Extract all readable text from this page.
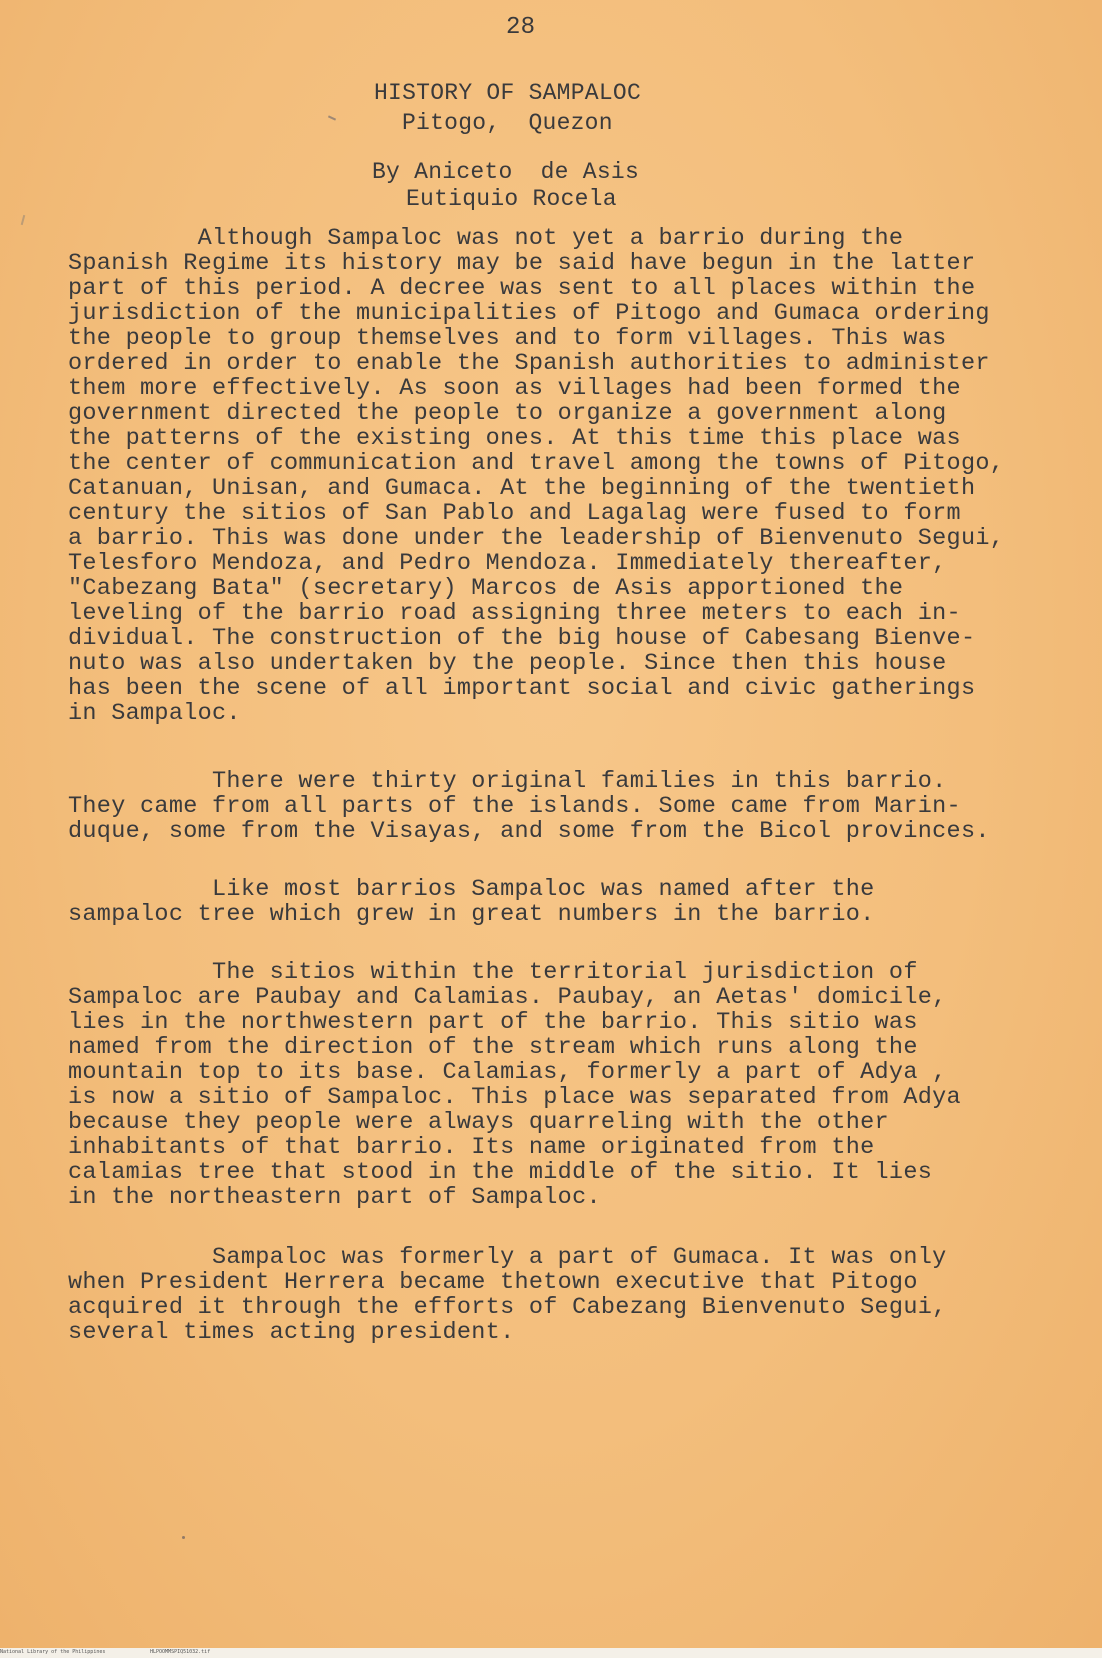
28
HISTORY OF SAMPALOC
Pitogo,  Quezon
By Aniceto  de Asis
Eutiquio Rocela
Although Sampaloc was not yet a barrio during the
Spanish Regime its history may be said have begun in the latter
part of this period. A decree was sent to all places within the
jurisdiction of the municipalities of Pitogo and Gumaca ordering
the people to group themselves and to form villages. This was
ordered in order to enable the Spanish authorities to administer
them more effectively. As soon as villages had been formed the
government directed the people to organize a government along
the patterns of the existing ones. At this time this place was
the center of communication and travel among the towns of Pitogo,
Catanuan, Unisan, and Gumaca. At the beginning of the twentieth
century the sitios of San Pablo and Lagalag were fused to form
a barrio. This was done under the leadership of Bienvenuto Segui,
Telesforo Mendoza, and Pedro Mendoza. Immediately thereafter,
"Cabezang Bata" (secretary) Marcos de Asis apportioned the
leveling of the barrio road assigning three meters to each in-
dividual. The construction of the big house of Cabesang Bienve-
nuto was also undertaken by the people. Since then this house
has been the scene of all important social and civic gatherings
in Sampaloc.
There were thirty original families in this barrio.
They came from all parts of the islands. Some came from Marin-
duque, some from the Visayas, and some from the Bicol provinces.
Like most barrios Sampaloc was named after the
sampaloc tree which grew in great numbers in the barrio.
The sitios within the territorial jurisdiction of
Sampaloc are Paubay and Calamias. Paubay, an Aetas' domicile,
lies in the northwestern part of the barrio. This sitio was
named from the direction of the stream which runs along the
mountain top to its base. Calamias, formerly a part of Adya ,
is now a sitio of Sampaloc. This place was separated from Adya
because they people were always quarreling with the other
inhabitants of that barrio. Its name originated from the
calamias tree that stood in the middle of the sitio. It lies
in the northeastern part of Sampaloc.
Sampaloc was formerly a part of Gumaca. It was only
when President Herrera became thetown executive that Pitogo
acquired it through the efforts of Cabezang Bienvenuto Segui,
several times acting president.
National Library of the Philippines	HLPOOMMSPIQ51032.tif
